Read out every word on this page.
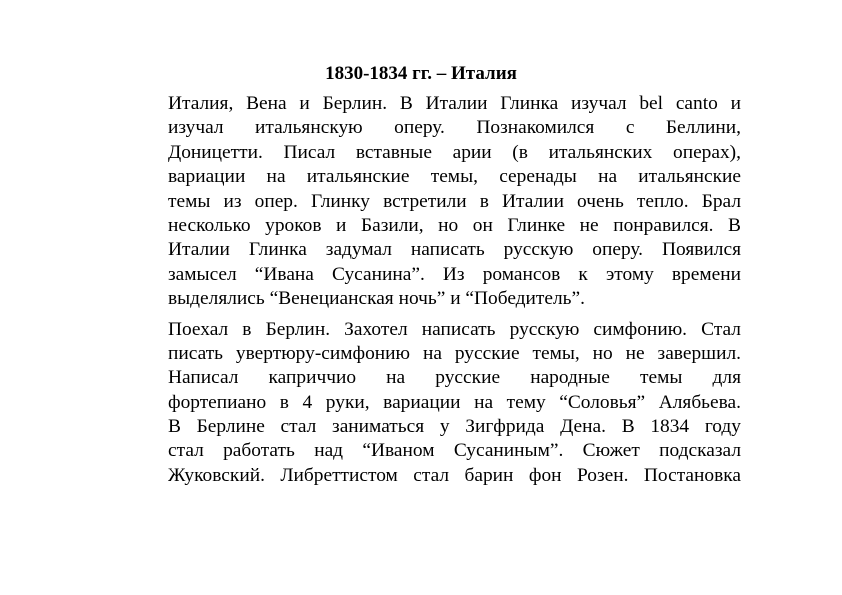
1830-1834 гг. – Италия

Италия, Вена и Берлин. В Италии Глинка изучал bel canto и
изучал итальянскую оперу. Познакомился с Беллини,
Доницетти. Писал вставные арии (в итальянских операх),
вариации на итальянские темы, серенады на итальянские
темы из опер. Глинку встретили в Италии очень тепло. Брал
несколько уроков и Базили, но он Глинке не понравился. В
Италии Глинка задумал написать русскую оперу. Появился
замысел “Ивана Сусанина”. Из романсов к этому времени
выделялись “Венецианская ночь” и “Победитель”.

Поехал в Берлин. Захотел написать русскую симфонию. Стал
писать увертюру-симфонию на русские темы, но не завершил.
Написал каприччио на русские народные темы для
фортепиано в 4 руки, вариации на тему “Соловья” Алябьева.
В Берлине стал заниматься у Зигфрида Дена. В 1834 году
стал работать над “Иваном Сусаниным”. Сюжет подсказал
Жуковский. Либреттистом стал барин фон Розен. Постановка
